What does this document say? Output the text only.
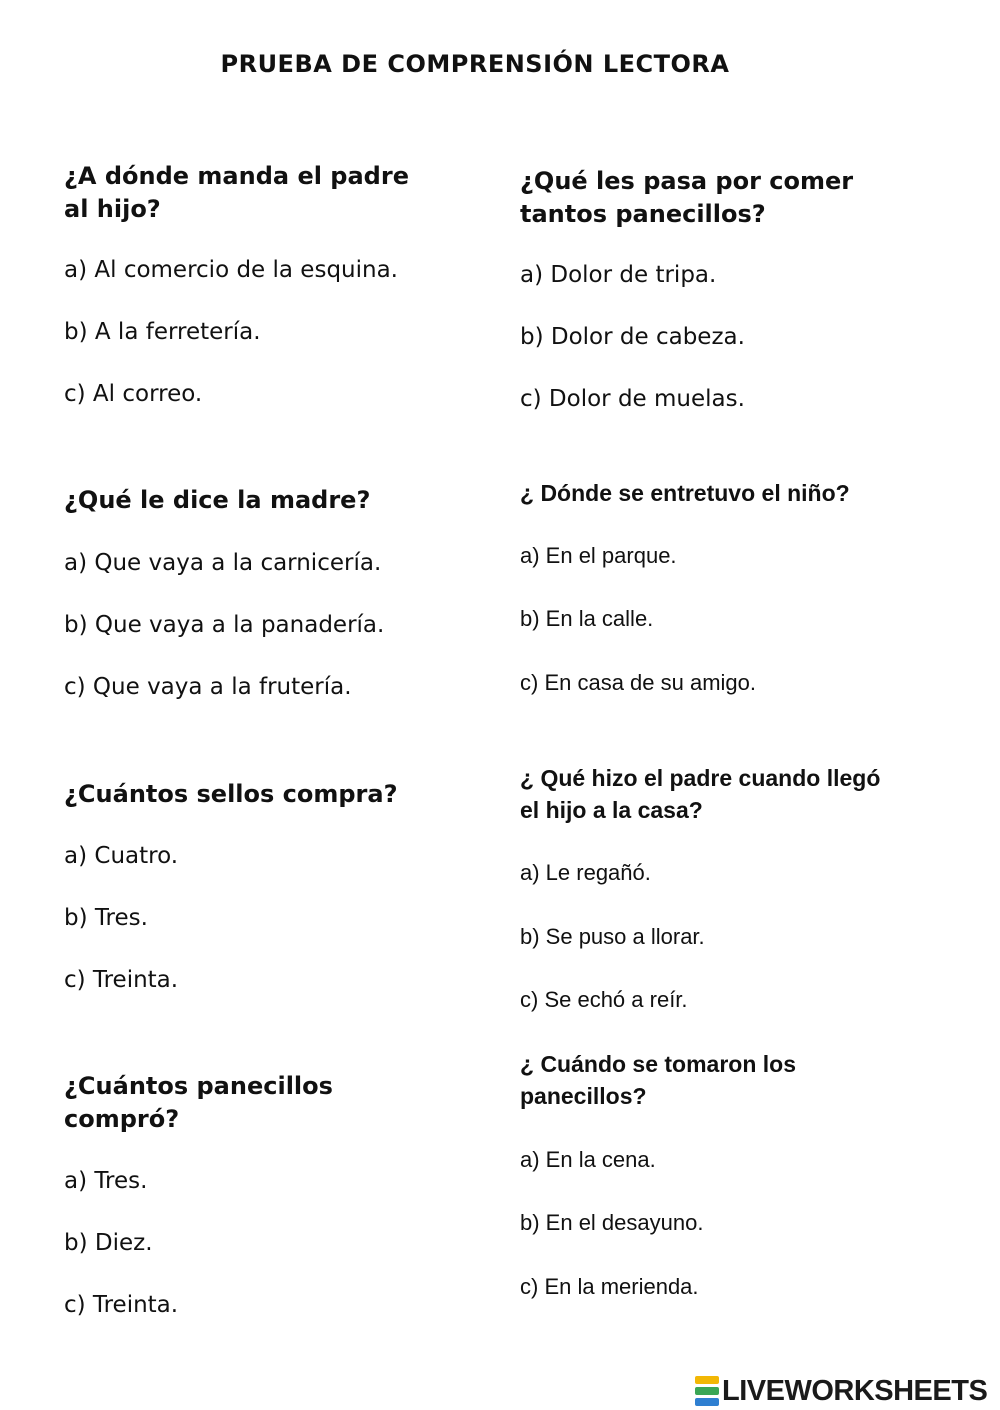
PRUEBA DE COMPRENSIÓN LECTORA
¿A dónde manda el padre
al hijo?
a) Al comercio de la esquina.
b) A la ferretería.
c) Al correo.
¿Qué le dice la madre?
a) Que vaya a la carnicería.
b) Que vaya a la panadería.
c) Que vaya a la frutería.
¿Cuántos sellos compra?
a) Cuatro.
b) Tres.
c) Treinta.
¿Cuántos panecillos
compró?
a) Tres.
b) Diez.
c) Treinta.
¿Qué les pasa por comer
tantos panecillos?
a) Dolor de tripa.
b) Dolor de cabeza.
c) Dolor de muelas.
¿ Dónde se entretuvo el niño?
a) En el parque.
b) En la calle.
c) En casa de su amigo.
¿ Qué hizo el padre cuando llegó
el hijo a la casa?
a) Le regañó.
b) Se puso a llorar.
c) Se echó a reír.
¿ Cuándo se tomaron los
panecillos?
a) En la cena.
b) En el desayuno.
c) En la merienda.
LIVEWORKSHEETS
